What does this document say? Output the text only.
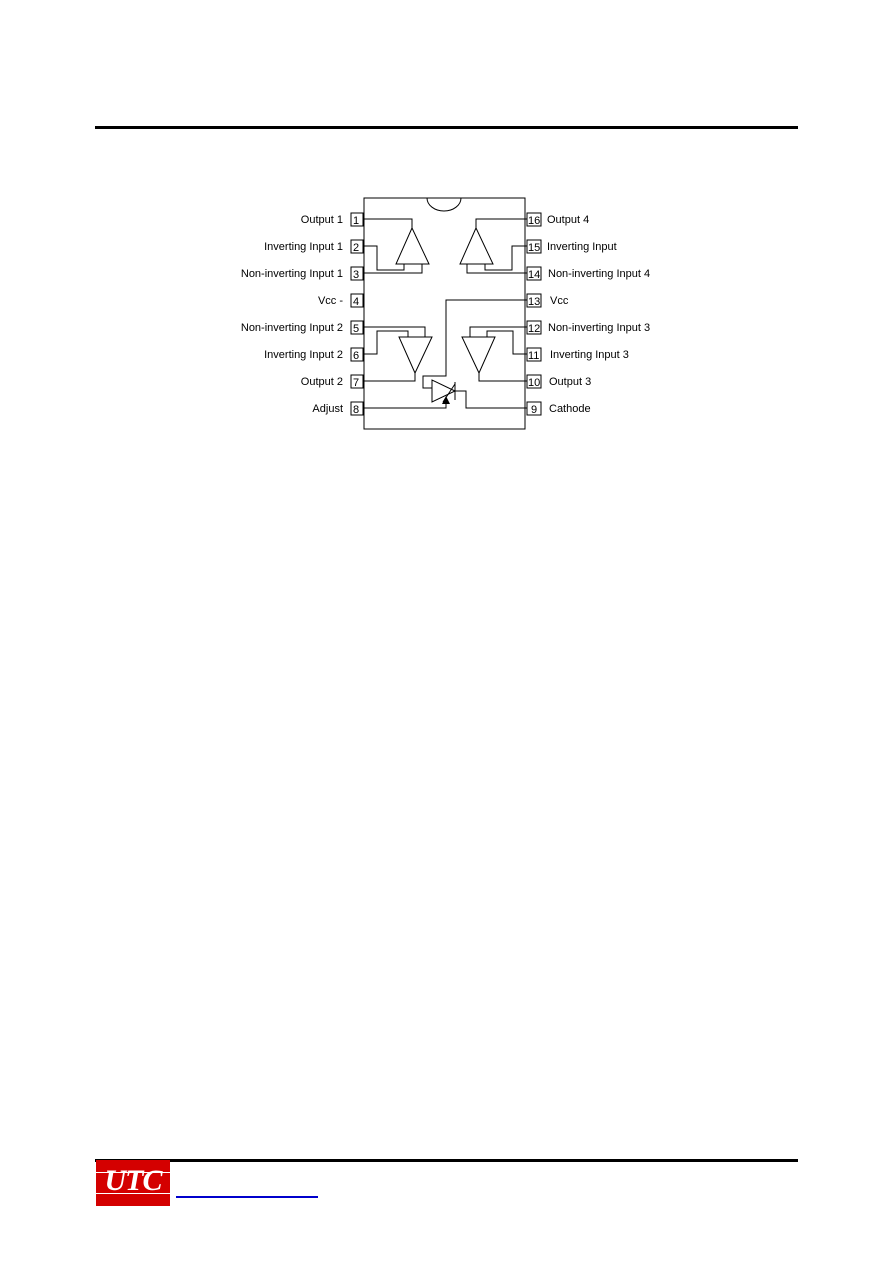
1
2
3
4
5
6
7
8
16
15
14
13
12
11
10
9
Output 1
Inverting Input 1
Non-inverting Input 1
Vcc -
Non-inverting Input 2
Inverting Input 2
Output 2
Adjust
Output 4
Inverting Input
Non-inverting Input 4
Vcc
Non-inverting Input 3
Inverting Input 3
Output 3
Cathode
UTC
